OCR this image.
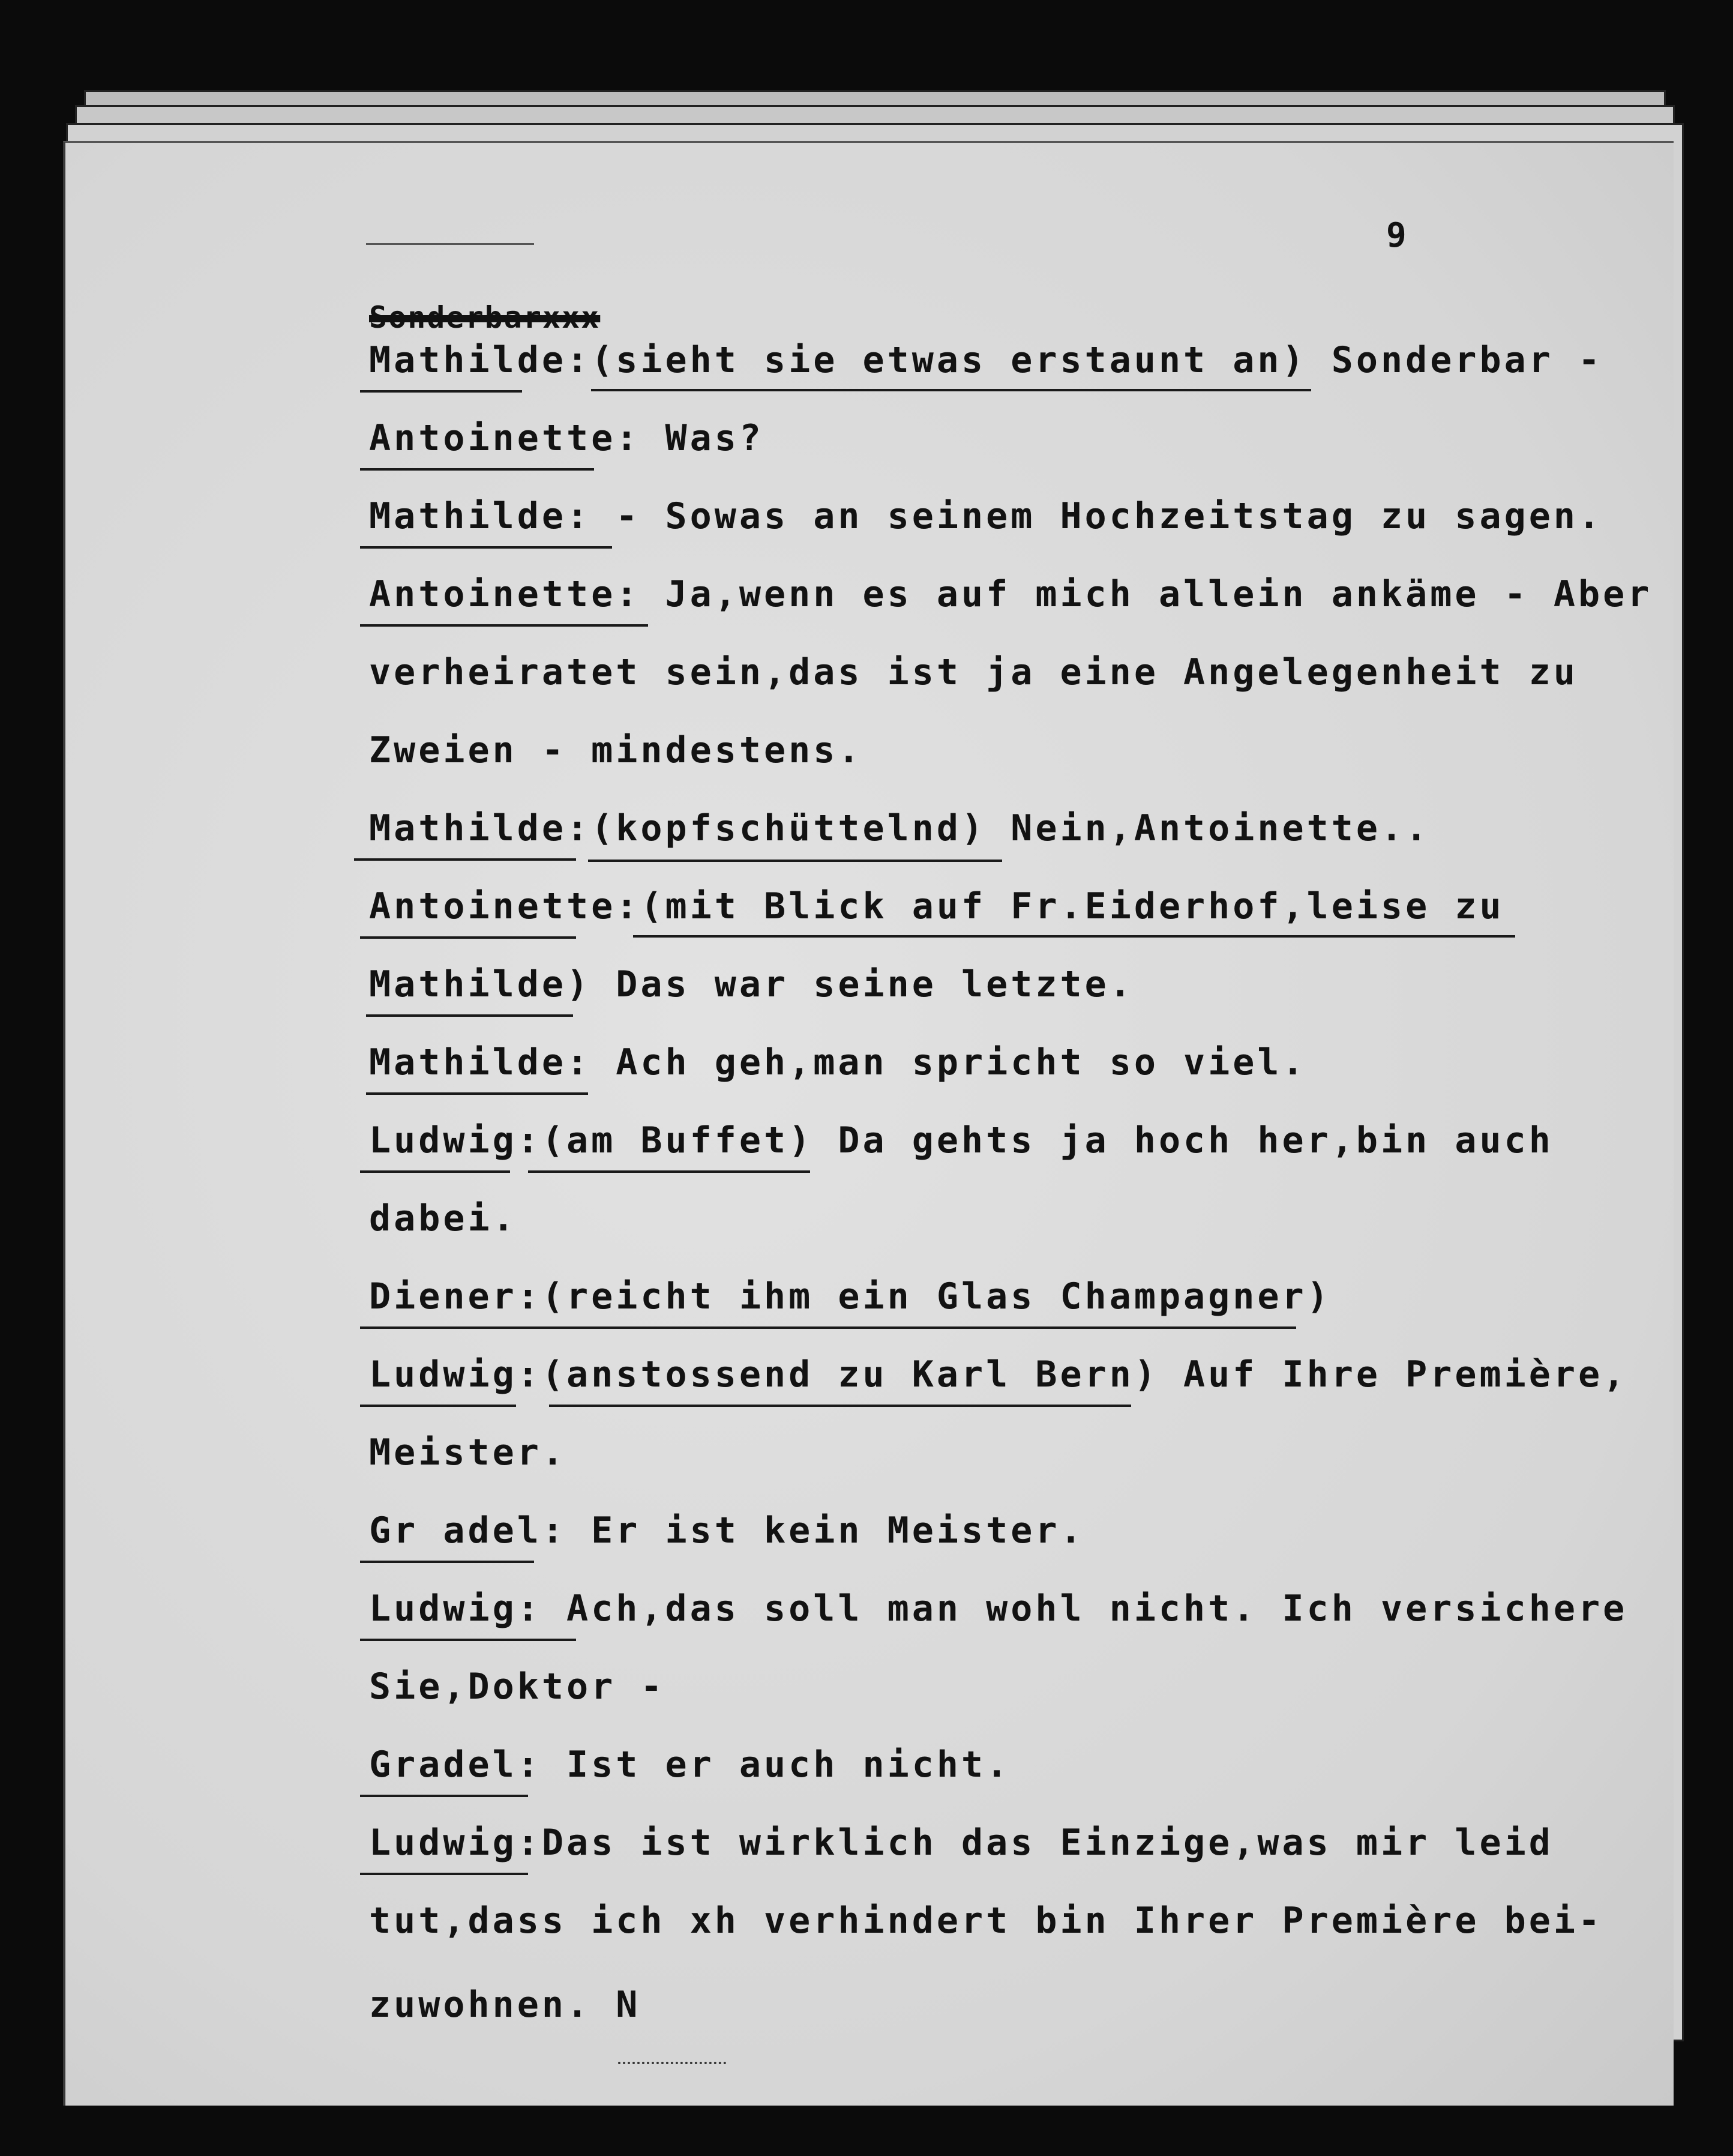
9
Sonderbarxxx
Mathilde:(sieht sie etwas erstaunt an) Sonderbar -
Antoinette: Was?
Mathilde: - Sowas an seinem Hochzeitstag zu sagen.
Antoinette: Ja,wenn es auf mich allein ankäme - Aber
verheiratet sein,das ist ja eine Angelegenheit zu
Zweien - mindestens.
Mathilde:(kopfschüttelnd) Nein,Antoinette..
Antoinette:(mit Blick auf Fr.Eiderhof,leise zu
Mathilde) Das war seine letzte.
Mathilde: Ach geh,man spricht so viel.
Ludwig:(am Buffet) Da gehts ja hoch her,bin auch
dabei.
Diener:(reicht ihm ein Glas Champagner)
Ludwig:(anstossend zu Karl Bern) Auf Ihre Première,
Meister.
Gr adel: Er ist kein Meister.
Ludwig: Ach,das soll man wohl nicht. Ich versichere
Sie,Doktor -
Gradel: Ist er auch nicht.
Ludwig:Das ist wirklich das Einzige,was mir leid
tut,dass ich xh verhindert bin Ihrer Première bei-
zuwohnen. N
